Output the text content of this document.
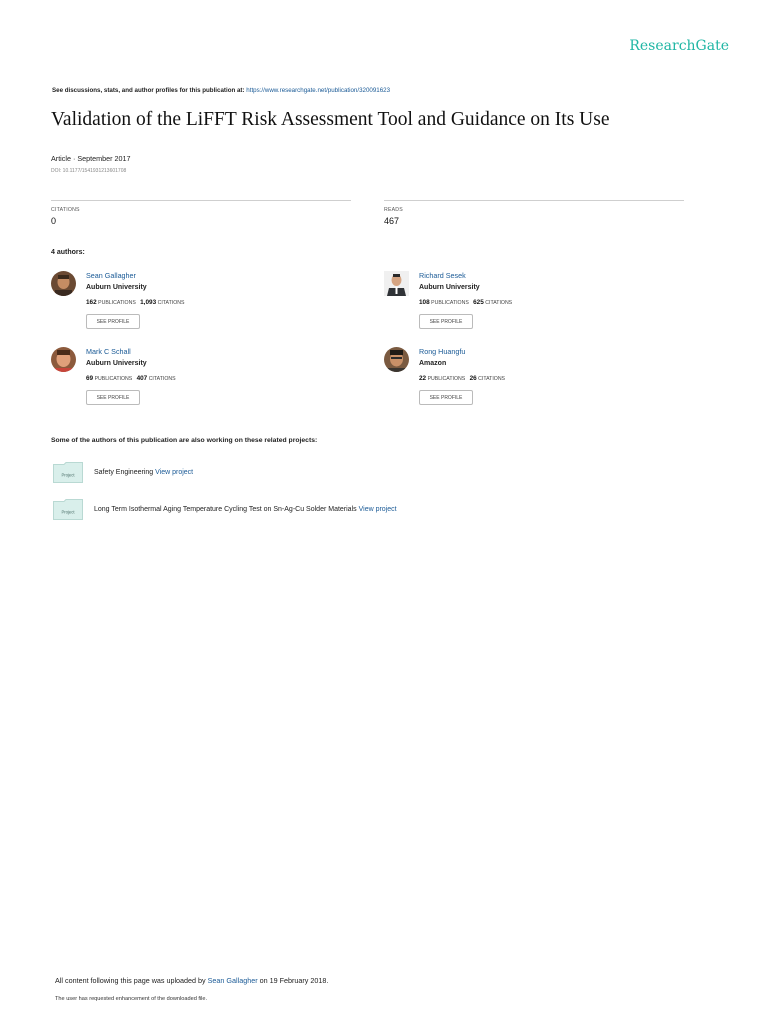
ResearchGate
See discussions, stats, and author profiles for this publication at: https://www.researchgate.net/publication/320091623
Validation of the LiFFT Risk Assessment Tool and Guidance on Its Use
Article · September 2017
DOI: 10.1177/1541931213601708
CITATIONS
0
READS
467
4 authors:
Sean Gallagher
Auburn University
162 PUBLICATIONS 1,093 CITATIONS
SEE PROFILE
Richard Sesek
Auburn University
108 PUBLICATIONS 625 CITATIONS
SEE PROFILE
Mark C Schall
Auburn University
69 PUBLICATIONS 407 CITATIONS
SEE PROFILE
Rong Huangfu
Amazon
22 PUBLICATIONS 26 CITATIONS
SEE PROFILE
Some of the authors of this publication are also working on these related projects:
Project	Safety Engineering View project
Project	Long Term Isothermal Aging Temperature Cycling Test on Sn-Ag-Cu Solder Materials View project
All content following this page was uploaded by Sean Gallagher on 19 February 2018.
The user has requested enhancement of the downloaded file.
